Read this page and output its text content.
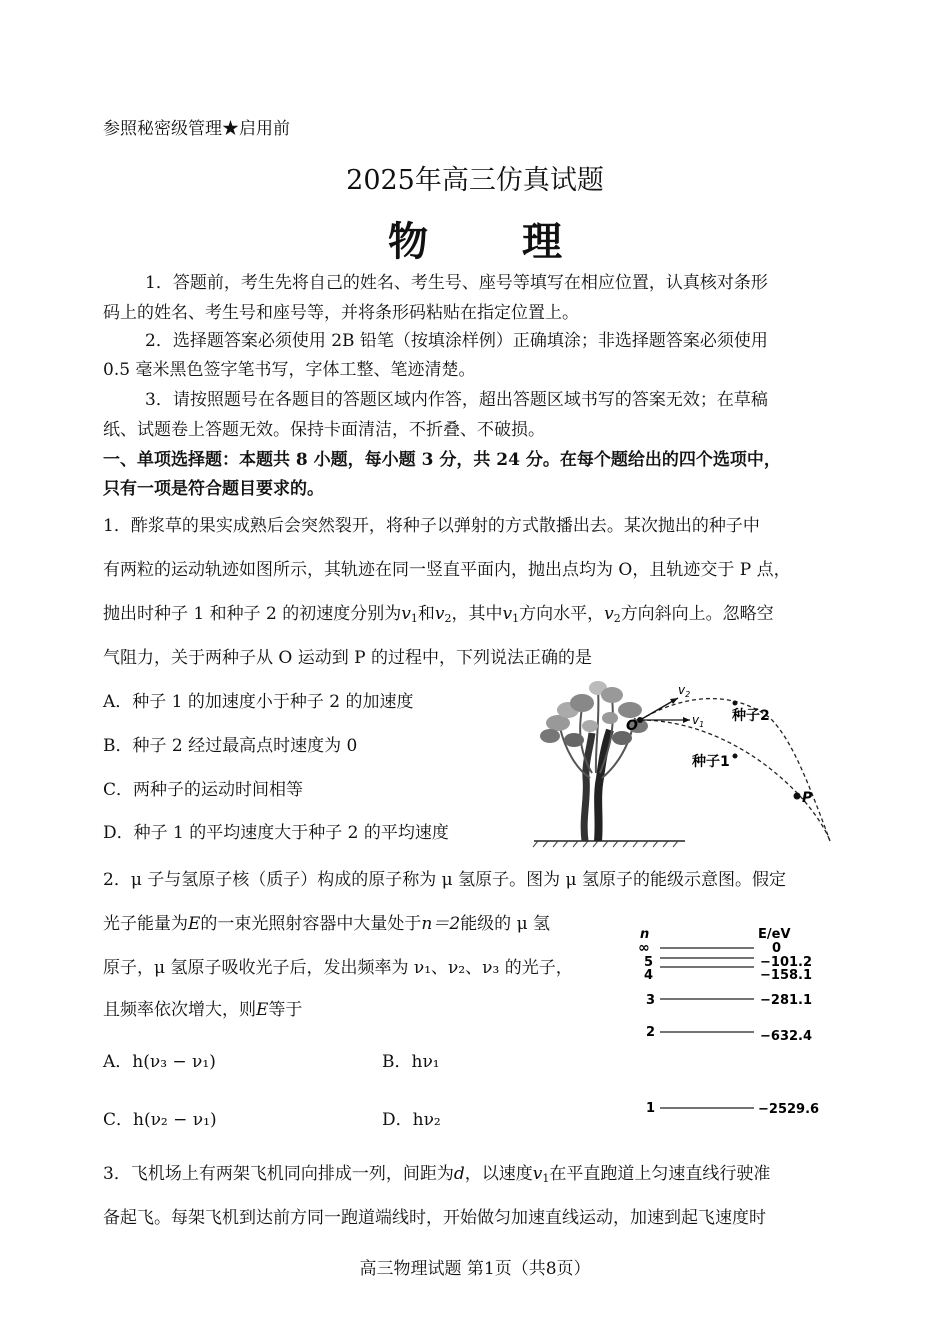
参照秘密级管理★启用前
2025年高三仿真试题
物 理
1．答题前，考生先将自己的姓名、考生号、座号等填写在相应位置，认真核对条形
码上的姓名、考生号和座号等，并将条形码粘贴在指定位置上。
2．选择题答案必须使用 2B 铅笔（按填涂样例）正确填涂；非选择题答案必须使用
0.5 毫米黑色签字笔书写，字体工整、笔迹清楚。
3．请按照题号在各题目的答题区域内作答，超出答题区域书写的答案无效；在草稿
纸、试题卷上答题无效。保持卡面清洁，不折叠、不破损。
一、单项选择题：本题共 8 小题，每小题 3 分，共 24 分。在每个题给出的四个选项中，
只有一项是符合题目要求的。
1．酢浆草的果实成熟后会突然裂开，将种子以弹射的方式散播出去。某次抛出的种子中
有两粒的运动轨迹如图所示，其轨迹在同一竖直平面内，抛出点均为 O，且轨迹交于 P 点，
抛出时种子 1 和种子 2 的初速度分别为$v_1$和$v_2$，其中$v_1$方向水平，$v_2$方向斜向上。忽略空
气阻力，关于两种子从 O 运动到 P 的过程中，下列说法正确的是
A．种子 1 的加速度小于种子 2 的加速度
B．种子 2 经过最高点时速度为 0
C．两种子的运动时间相等
D．种子 1 的平均速度大于种子 2 的平均速度
O
P
$v_1$
$v_2$
种子2
种子1
2．μ 子与氢原子核（质子）构成的原子称为 μ 氢原子。图为 μ 氢原子的能级示意图。假定
光子能量为E的一束光照射容器中大量处于n＝2能级的 μ 氢
原子，μ 氢原子吸收光子后，发出频率为 ν₁、ν₂、ν₃ 的光子，
且频率依次增大，则E等于
A．h(ν₃ − ν₁)	B．hν₁
C．h(ν₂ − ν₁)	D．hν₂
n	E/eV
∞	0
5	−101.2
4	−158.1
3	−281.1
2	−632.4
1	−2529.6
3．飞机场上有两架飞机同向排成一列，间距为d，以速度$v_1$在平直跑道上匀速直线行驶准
备起飞。每架飞机到达前方同一跑道端线时，开始做匀加速直线运动，加速到起飞速度时
高三物理试题 第1页（共8页）
